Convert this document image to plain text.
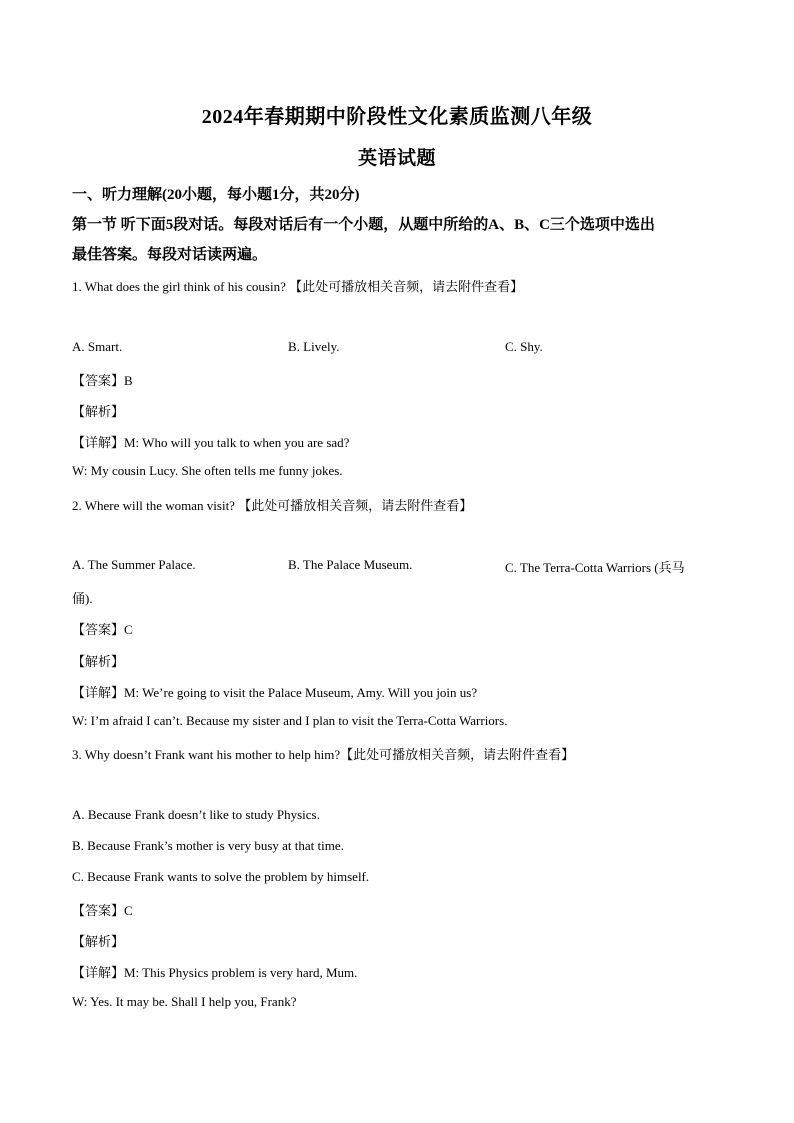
2024年春期期中阶段性文化素质监测八年级
英语试题
一、听力理解(20小题，每小题1分，共20分)
第一节 听下面5段对话。每段对话后有一个小题，从题中所给的A、B、C三个选项中选出
最佳答案。每段对话读两遍。
1. What does the girl think of his cousin? 【此处可播放相关音频，请去附件查看】
A. Smart.	B. Lively.	C. Shy.
【答案】B
【解析】
【详解】M: Who will you talk to when you are sad?
W: My cousin Lucy. She often tells me funny jokes.
2. Where will the woman visit? 【此处可播放相关音频，请去附件查看】
A. The Summer Palace.	B. The Palace Museum.	C. The Terra-Cotta Warriors (兵马
俑).
【答案】C
【解析】
【详解】M: We’re going to visit the Palace Museum, Amy. Will you join us?
W: I’m afraid I can’t. Because my sister and I plan to visit the Terra-Cotta Warriors.
3. Why doesn’t Frank want his mother to help him?【此处可播放相关音频，请去附件查看】
A. Because Frank doesn’t like to study Physics.
B. Because Frank’s mother is very busy at that time.
C. Because Frank wants to solve the problem by himself.
【答案】C
【解析】
【详解】M: This Physics problem is very hard, Mum.
W: Yes. It may be. Shall I help you, Frank?
